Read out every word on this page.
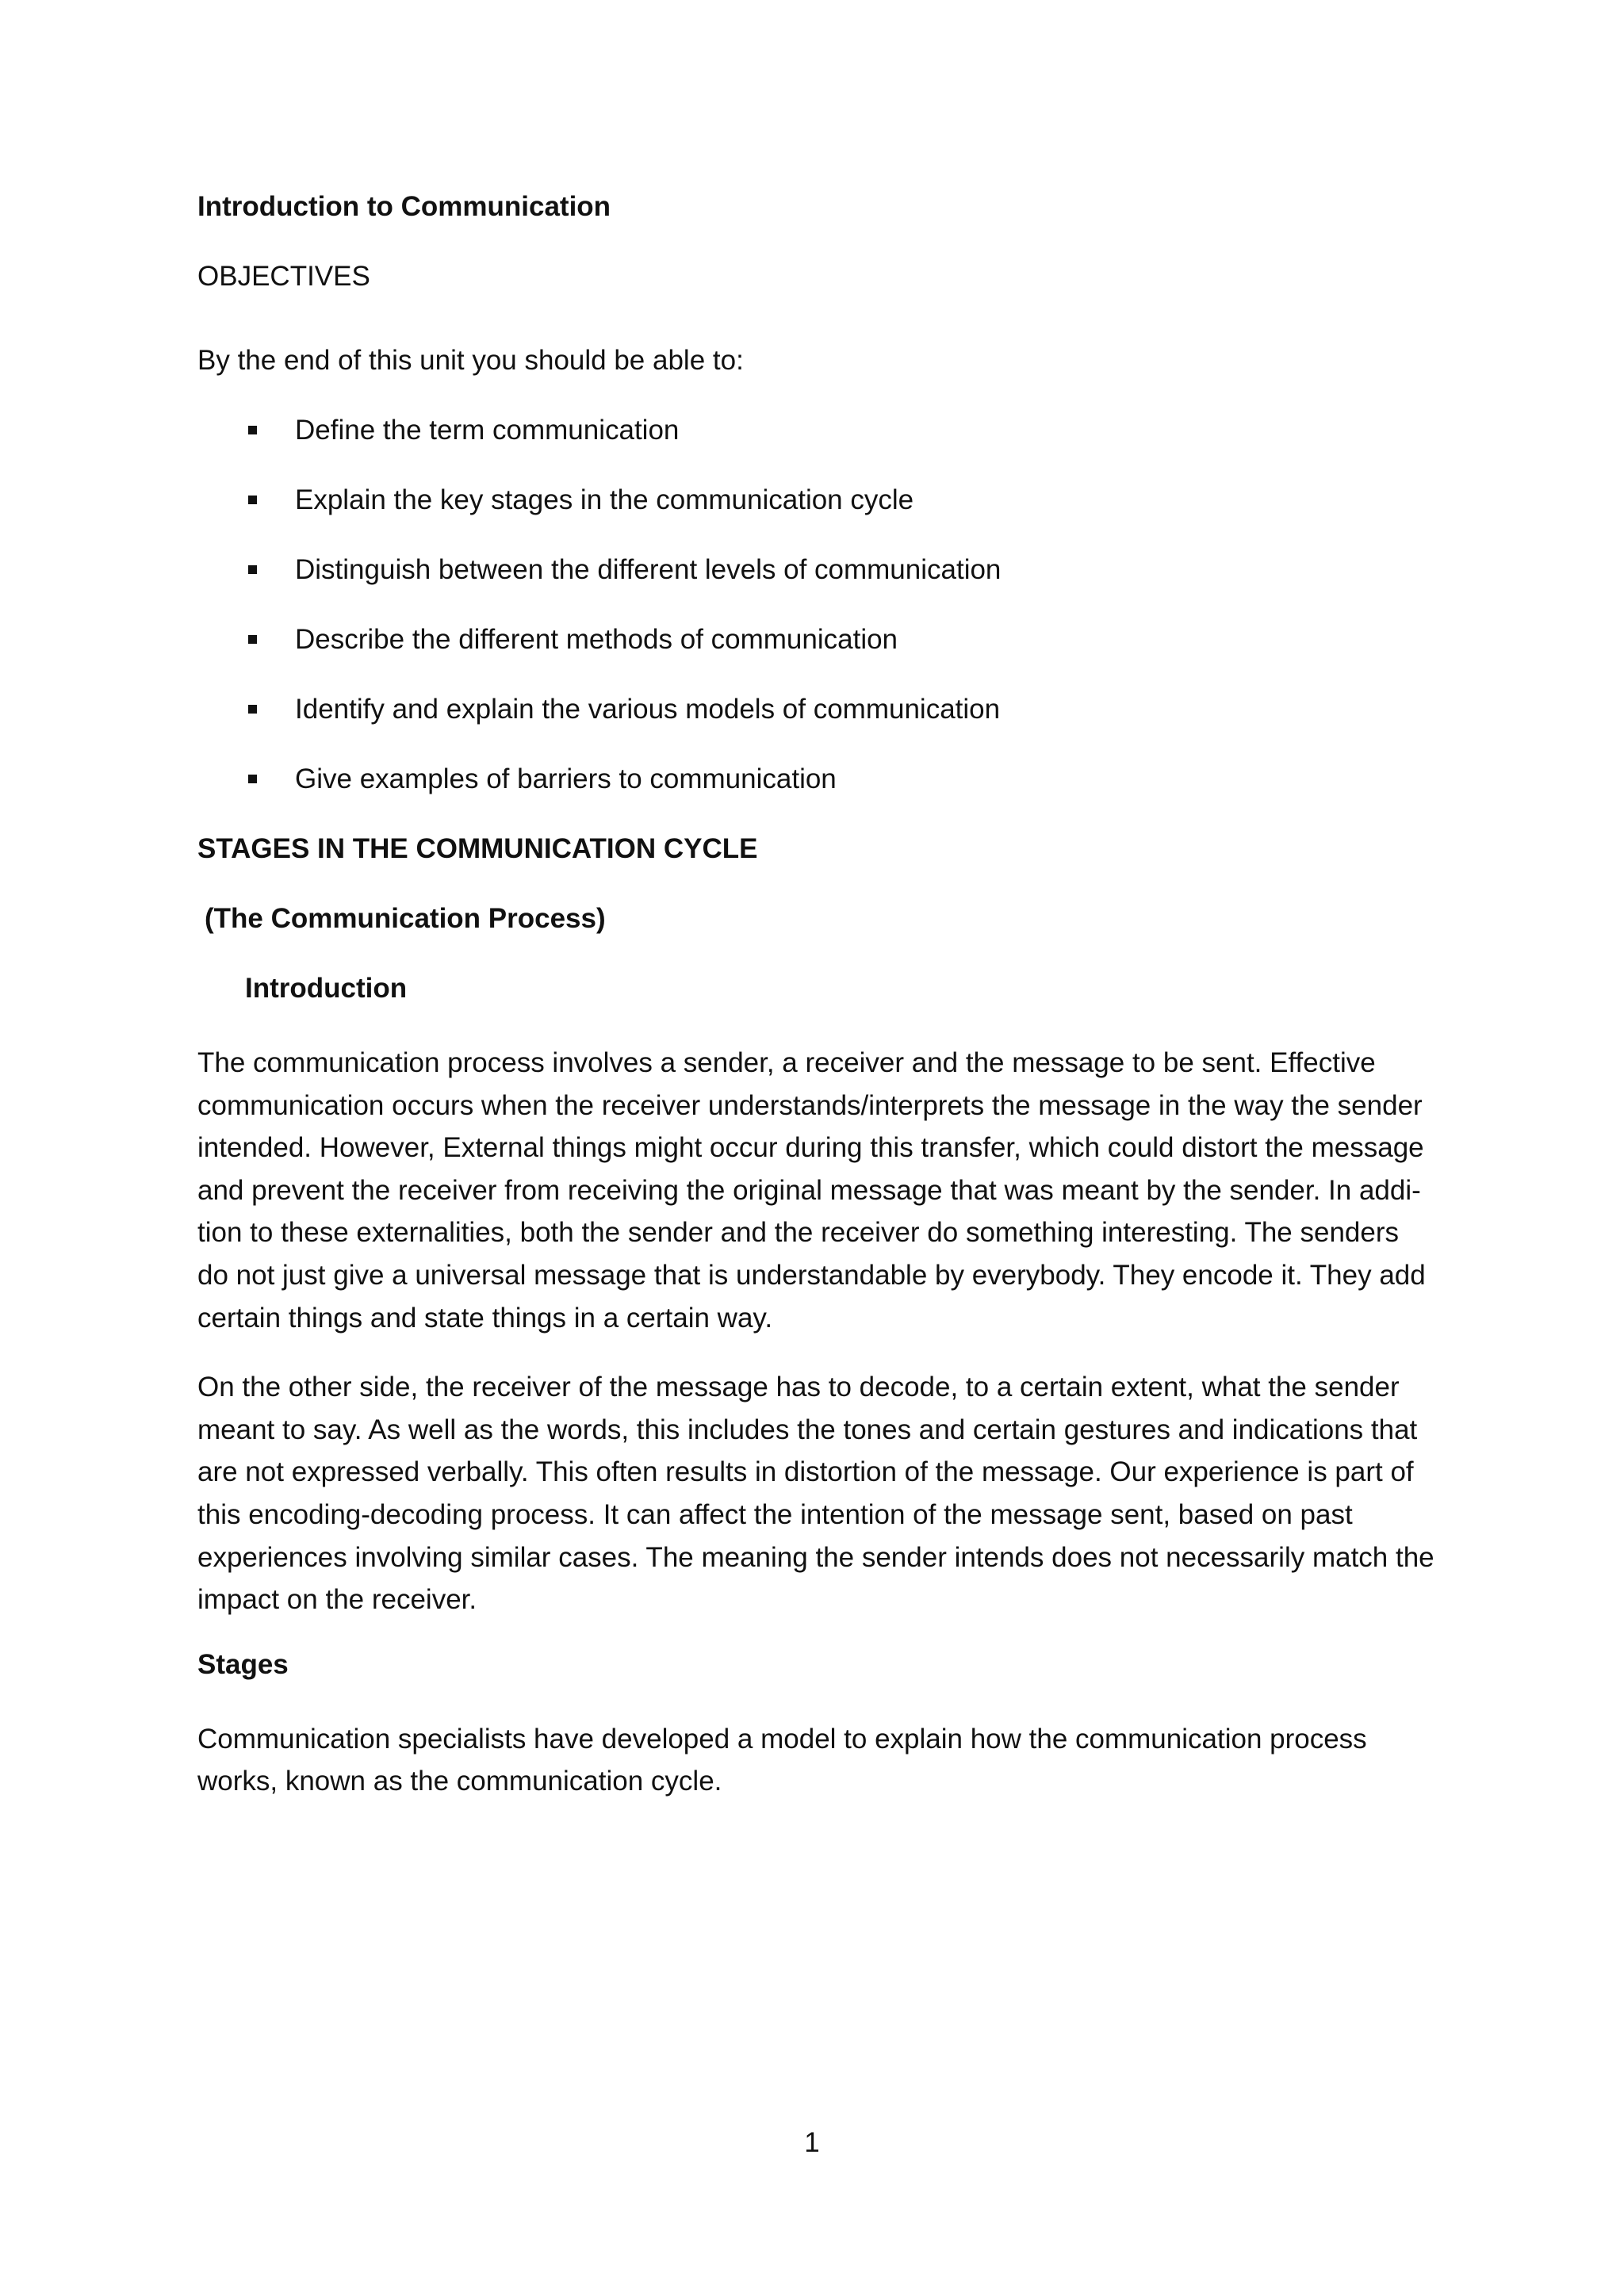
Introduction to Communication
OBJECTIVES
By the end of this unit you should be able to:
Define the term communication
Explain the key stages in the communication cycle
Distinguish between the different levels of communication
Describe the different methods of communication
Identify and explain the various models of communication
Give examples of barriers to communication
STAGES IN THE COMMUNICATION CYCLE
(The Communication Process)
Introduction

The communication process involves a sender, a receiver and the message to be sent. Effective communication occurs when the receiver understands/interprets the message in the way the sender intended. However, External things might occur during this transfer, which could distort the message and prevent the receiver from receiving the original message that was meant by the sender. In addi-tion to these externalities, both the sender and the receiver do something interesting. The senders do not just give a universal message that is understandable by everybody. They encode it. They add certain things and state things in a certain way.

On the other side, the receiver of the message has to decode, to a certain extent, what the sender meant to say. As well as the words, this includes the tones and certain gestures and indications that are not expressed verbally. This often results in distortion of the message. Our experience is part of this encoding-decoding process. It can affect the intention of the message sent, based on past experiences involving similar cases. The meaning the sender intends does not necessarily match the impact on the receiver.

Stages

Communication specialists have developed a model to explain how the communication process works, known as the communication cycle.

1
